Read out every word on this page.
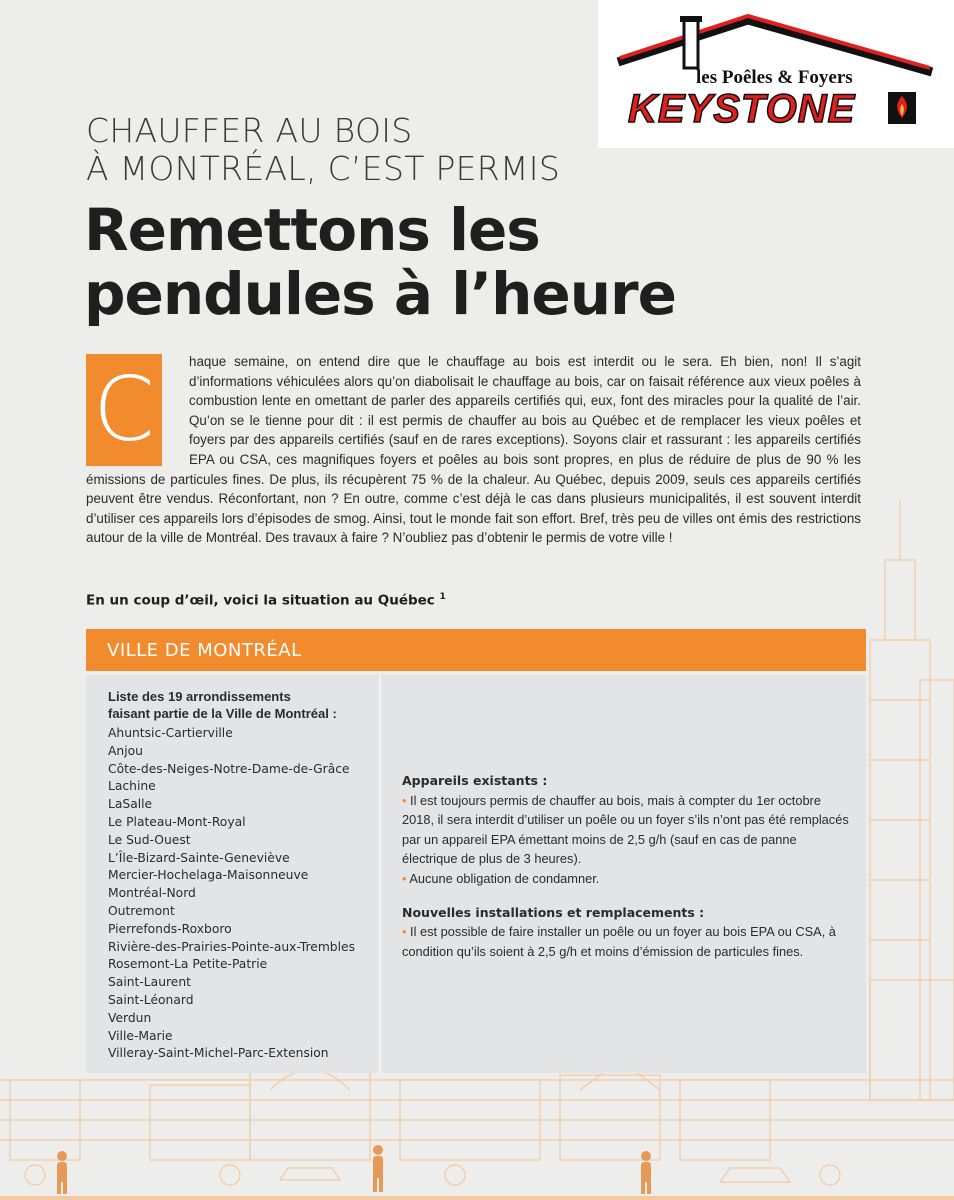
les Poêles & Foyers
KEYSTONE
CHAUFFER AU BOIS
À MONTRÉAL, C’EST PERMIS
Remettons les
pendules à l’heure
C	haque semaine, on entend dire que le chauffage au bois est interdit ou le sera. Eh bien, non! Il s’agit d’informations véhiculées alors qu’on diabolisait le chauffage au bois, car on faisait référence aux vieux poêles à combustion lente en omettant de parler des appareils certifiés qui, eux, font des miracles pour la qualité de l’air. Qu’on se le tienne pour dit : il est permis de chauffer au bois au Québec et de remplacer les vieux poêles et foyers par des appareils certifiés (sauf en de rares exceptions). Soyons clair et rassurant : les appareils certifiés EPA ou CSA, ces magnifiques foyers et poêles au bois sont propres, en plus de réduire de plus de 90 % les émissions de particules fines. De plus, ils récupèrent 75 % de la chaleur. Au Québec, depuis 2009, seuls ces appareils certifiés peuvent être vendus. Réconfortant, non ? En outre, comme c’est déjà le cas dans plusieurs municipalités, il est souvent interdit d’utiliser ces appareils lors d’épisodes de smog. Ainsi, tout le monde fait son effort. Bref, très peu de villes ont émis des restrictions autour de la ville de Montréal. Des travaux à faire ? N’oubliez pas d’obtenir le permis de votre ville !
En un coup d’œil, voici la situation au Québec $^1$
VILLE DE MONTRÉAL
Liste des 19 arrondissements
faisant partie de la Ville de Montréal :
Ahuntsic-Cartierville
Anjou
Côte-des-Neiges-Notre-Dame-de-Grâce
Lachine
LaSalle
Le Plateau-Mont-Royal
Le Sud-Ouest
L’Île-Bizard-Sainte-Geneviève
Mercier-Hochelaga-Maisonneuve
Montréal-Nord
Outremont
Pierrefonds-Roxboro
Rivière-des-Prairies-Pointe-aux-Trembles
Rosemont-La Petite-Patrie
Saint-Laurent
Saint-Léonard
Verdun
Ville-Marie
Villeray-Saint-Michel-Parc-Extension
Appareils existants :
• Il est toujours permis de chauffer au bois, mais à compter du 1er octobre 2018, il sera interdit d’utiliser un poêle ou un foyer s’ils n’ont pas été remplacés par un appareil EPA émettant moins de 2,5 g/h (sauf en cas de panne électrique de plus de 3 heures).
• Aucune obligation de condamner.
Nouvelles installations et remplacements :
• Il est possible de faire installer un poêle ou un foyer au bois EPA ou CSA, à condition qu’ils soient à 2,5 g/h et moins d’émission de particules fines.
